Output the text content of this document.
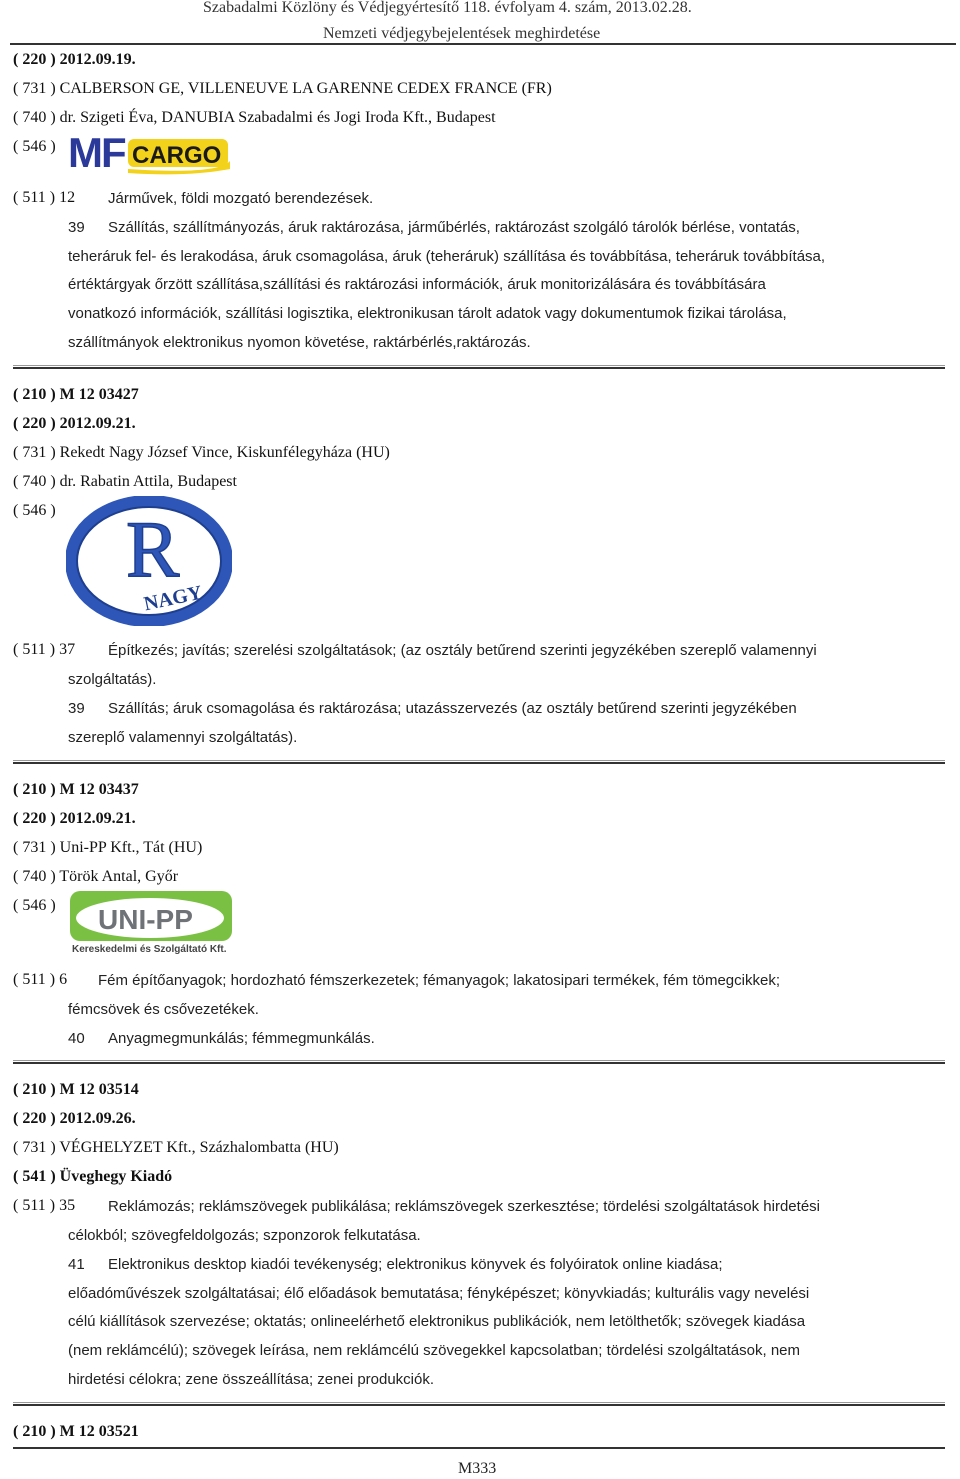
Szabadalmi Közlöny és Védjegyértesítő 118. évfolyam 4. szám, 2013.02.28.
Nemzeti védjegybejelentések meghirdetése
( 220 ) 2012.09.19.
( 731 ) CALBERSON GE, VILLENEUVE LA GARENNE CEDEX FRANCE (FR)
( 740 ) dr. Szigeti Éva, DANUBIA Szabadalmi és Jogi Iroda Kft., Budapest
( 546 ) MF CARGO
( 511 ) 12 Járművek, földi mozgató berendezések.
39 Szállítás, szállítmányozás, áruk raktározása, járműbérlés, raktározást szolgáló tárolók bérlése, vontatás,
teheráruk fel- és lerakodása, áruk csomagolása, áruk (teheráruk) szállítása és továbbítása, teheráruk továbbítása,
értéktárgyak őrzött szállítása,szállítási és raktározási információk, áruk monitorizálására és továbbítására
vonatkozó információk, szállítási logisztika, elektronikusan tárolt adatok vagy dokumentumok fizikai tárolása,
szállítmányok elektronikus nyomon követése, raktárbérlés,raktározás.
( 210 ) M 12 03427
( 220 ) 2012.09.21.
( 731 ) Rekedt Nagy József Vince, Kiskunfélegyháza (HU)
( 740 ) dr. Rabatin Attila, Budapest
( 546 ) R
NAGY
( 511 ) 37 Építkezés; javítás; szerelési szolgáltatások; (az osztály betűrend szerinti jegyzékében szereplő valamennyi
szolgáltatás).
39 Szállítás; áruk csomagolása és raktározása; utazásszervezés (az osztály betűrend szerinti jegyzékében
szereplő valamennyi szolgáltatás).
( 210 ) M 12 03437
( 220 ) 2012.09.21.
( 731 ) Uni-PP Kft., Tát (HU)
( 740 ) Török Antal, Győr
( 546 ) UNI-PP
Kereskedelmi és Szolgáltató Kft.
( 511 ) 6 Fém építőanyagok; hordozható fémszerkezetek; fémanyagok; lakatosipari termékek, fém tömegcikkek;
fémcsövek és csővezetékek.
40 Anyagmegmunkálás; fémmegmunkálás.
( 210 ) M 12 03514
( 220 ) 2012.09.26.
( 731 ) VÉGHELYZET Kft., Százhalombatta (HU)
( 541 ) Üveghegy Kiadó
( 511 ) 35 Reklámozás; reklámszövegek publikálása; reklámszövegek szerkesztése; tördelési szolgáltatások hirdetési
célokból; szövegfeldolgozás; szponzorok felkutatása.
41 Elektronikus desktop kiadói tevékenység; elektronikus könyvek és folyóiratok online kiadása;
előadóművészek szolgáltatásai; élő előadások bemutatása; fényképészet; könyvkiadás; kulturális vagy nevelési
célú kiállítások szervezése; oktatás; onlineelérhető elektronikus publikációk, nem letölthetők; szövegek kiadása
(nem reklámcélú); szövegek leírása, nem reklámcélú szövegekkel kapcsolatban; tördelési szolgáltatások, nem
hirdetési célokra; zene összeállítása; zenei produkciók.
( 210 ) M 12 03521
M333
